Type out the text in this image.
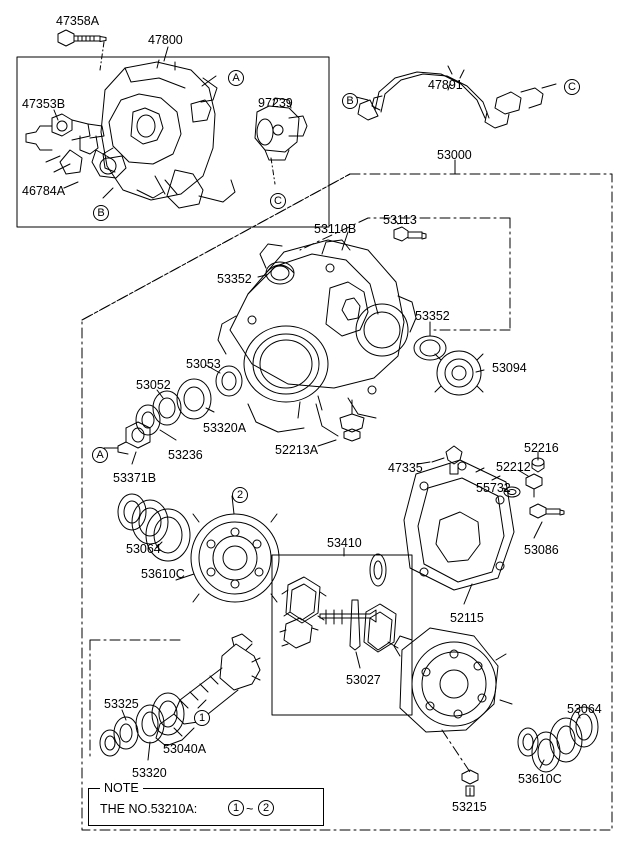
NOTE
THE NO.53210A:	1 ~ 2
47358A
47800
47353B	97239
46784A
47891
53000
53110B
53113
53352
53352
53094
53053
53052
53320A
53236
53371B
52213A
47335
52216
52212
55732
53086
52115
53064
53610C
53410
53027
53325
53040A
53320
53064
53610C
53215
A
B
C
B
C
A
2
1
